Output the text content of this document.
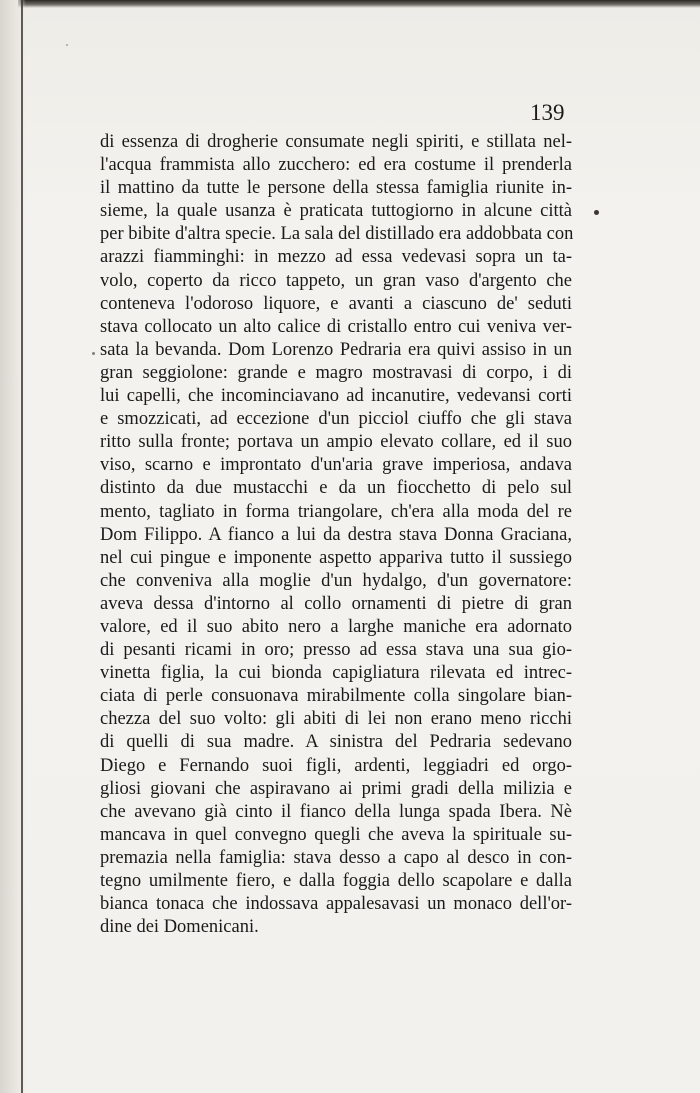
139
di essenza di drogherie consumate negli spiriti, e stillata nel-
l'acqua frammista allo zucchero: ed era costume il prenderla
il mattino da tutte le persone della stessa famiglia riunite in-
sieme, la quale usanza è praticata tuttogiorno in alcune città
per bibite d'altra specie. La sala del distillado era addobbata con
arazzi fiamminghi: in mezzo ad essa vedevasi sopra un ta-
volo, coperto da ricco tappeto, un gran vaso d'argento che
conteneva l'odoroso liquore, e avanti a ciascuno de' seduti
stava collocato un alto calice di cristallo entro cui veniva ver-
sata la bevanda. Dom Lorenzo Pedraria era quivi assiso in un
gran seggiolone: grande e magro mostravasi di corpo, i di
lui capelli, che incominciavano ad incanutire, vedevansi corti
e smozzicati, ad eccezione d'un picciol ciuffo che gli stava
ritto sulla fronte; portava un ampio elevato collare, ed il suo
viso, scarno e improntato d'un'aria grave imperiosa, andava
distinto da due mustacchi e da un fiocchetto di pelo sul
mento, tagliato in forma triangolare, ch'era alla moda del re
Dom Filippo. A fianco a lui da destra stava Donna Graciana,
nel cui pingue e imponente aspetto appariva tutto il sussiego
che conveniva alla moglie d'un hydalgo, d'un governatore:
aveva dessa d'intorno al collo ornamenti di pietre di gran
valore, ed il suo abito nero a larghe maniche era adornato
di pesanti ricami in oro; presso ad essa stava una sua gio-
vinetta figlia, la cui bionda capigliatura rilevata ed intrec-
ciata di perle consuonava mirabilmente colla singolare bian-
chezza del suo volto: gli abiti di lei non erano meno ricchi
di quelli di sua madre. A sinistra del Pedraria sedevano
Diego e Fernando suoi figli, ardenti, leggiadri ed orgo-
gliosi giovani che aspiravano ai primi gradi della milizia e
che avevano già cinto il fianco della lunga spada Ibera. Nè
mancava in quel convegno quegli che aveva la spirituale su-
premazia nella famiglia: stava desso a capo al desco in con-
tegno umilmente fiero, e dalla foggia dello scapolare e dalla
bianca tonaca che indossava appalesavasi un monaco dell'or-
dine dei Domenicani.
